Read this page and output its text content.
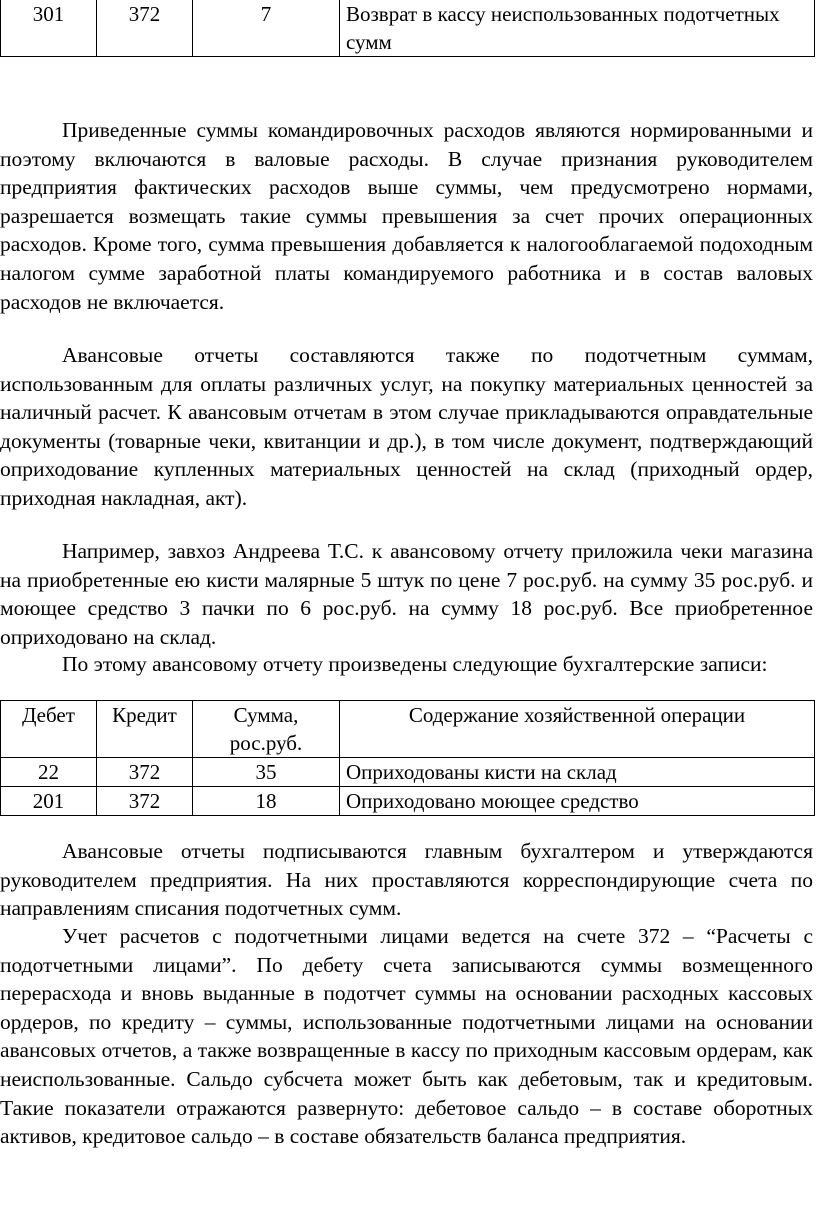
301	372	7	Возврат в кассу неиспользованных подотчетных сумм

Приведенные суммы командировочных расходов являются нормированными и поэтому включаются в валовые расходы. В случае признания руководителем предприятия фактических расходов выше суммы, чем предусмотрено нормами, разрешается возмещать такие суммы превышения за счет прочих операционных расходов. Кроме того, сумма превышения добавляется к налогооблагаемой подоходным налогом сумме заработной платы командируемого работника и в состав валовых расходов не включается.

Авансовые отчеты составляются также по подотчетным суммам, использованным для оплаты различных услуг, на покупку материальных ценностей за наличный расчет. К авансовым отчетам в этом случае прикладываются оправдательные документы (товарные чеки, квитанции и др.), в том числе документ, подтверждающий оприходование купленных материальных ценностей на склад (приходный ордер, приходная накладная, акт).

Например, завхоз Андреева Т.С. к авансовому отчету приложила чеки магазина на приобретенные ею кисти малярные 5 штук по цене 7 рос.руб. на сумму 35 рос.руб. и моющее средство 3 пачки по 6 рос.руб. на сумму 18 рос.руб. Все приобретенное оприходовано на склад.

По этому авансовому отчету произведены следующие бухгалтерские записи:

Дебет	Кредит	Сумма, рос.руб.	Содержание хозяйственной операции
22	372	35	Оприходованы кисти на склад
201	372	18	Оприходовано моющее средство

Авансовые отчеты подписываются главным бухгалтером и утверждаются руководителем предприятия. На них проставляются корреспондирующие счета по направлениям списания подотчетных сумм.

Учет расчетов с подотчетными лицами ведется на счете 372 – “Расчеты с подотчетными лицами”. По дебету счета записываются суммы возмещенного перерасхода и вновь выданные в подотчет суммы на основании расходных кассовых ордеров, по кредиту – суммы, использованные подотчетными лицами на основании авансовых отчетов, а также возвращенные в кассу по приходным кассовым ордерам, как неиспользованные. Сальдо субсчета может быть как дебетовым, так и кредитовым. Такие показатели отражаются развернуто: дебетовое сальдо – в составе оборотных активов, кредитовое сальдо – в составе обязательств баланса предприятия.
